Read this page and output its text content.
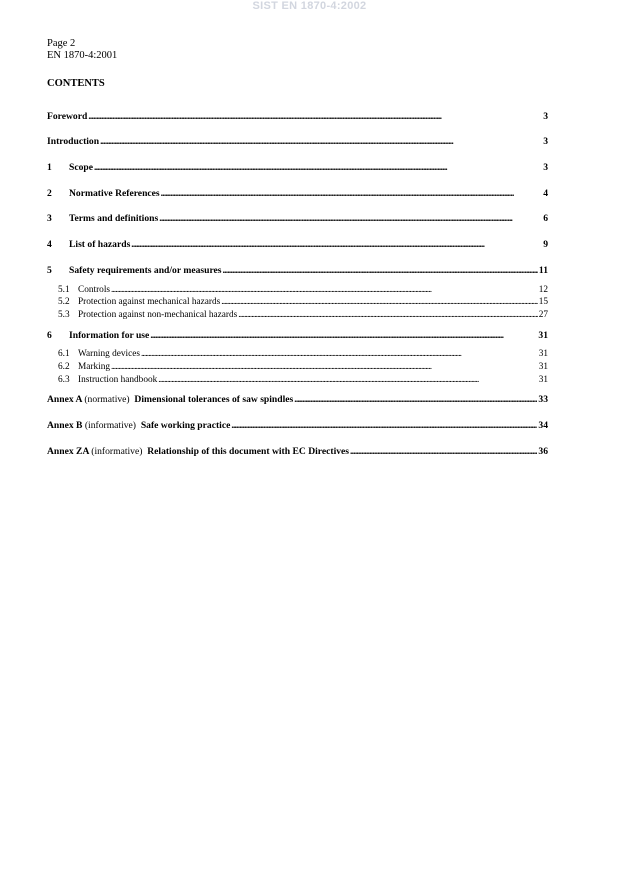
SIST EN 1870-4:2002
Page 2
EN 1870-4:2001
CONTENTS
Foreword . . .	3
Introduction . . .	3
1	Scope . . .	3
2	Normative References . . .	4
3	Terms and definitions . . .	6
4	List of hazards . . .	9
5	Safety requirements and/or measures . . .	11
5.1 Controls . . .	12
5.2 Protection against mechanical hazards . . .	15
5.3 Protection against non-mechanical hazards . . .	27
6	Information for use . . .	31
6.1 Warning devices . . .	31
6.2 Marking . . .	31
6.3 Instruction handbook . . .	31
Annex A (normative) Dimensional tolerances of saw spindles . . .	33
Annex B (informative) Safe working practice . . .	34
Annex ZA (informative) Relationship of this document with EC Directives . . .	36
